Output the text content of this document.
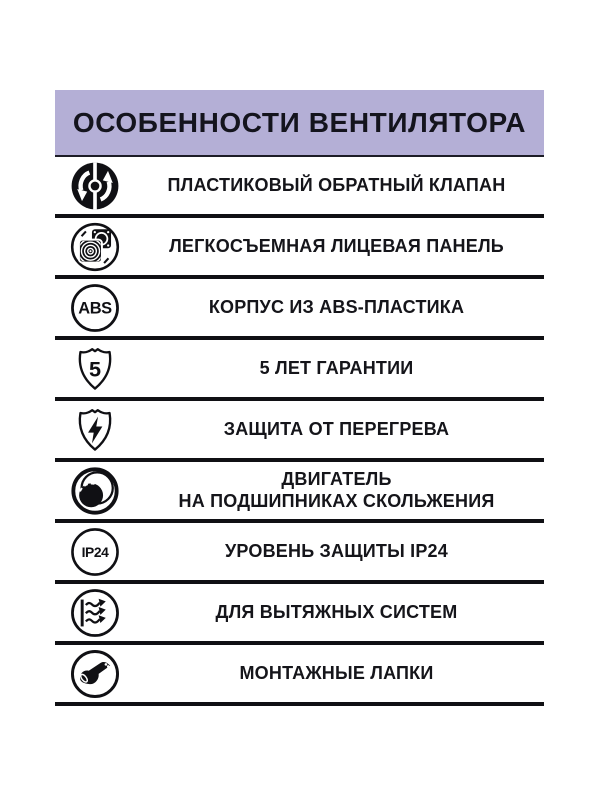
ОСОБЕННОСТИ ВЕНТИЛЯТОРА
ПЛАСТИКОВЫЙ ОБРАТНЫЙ КЛАПАН
ЛЕГКОСЪЕМНАЯ ЛИЦЕВАЯ ПАНЕЛЬ
ABS	КОРПУС ИЗ ABS-ПЛАСТИКА
5	5 ЛЕТ ГАРАНТИИ
ЗАЩИТА ОТ ПЕРЕГРЕВА
ДВИГАТЕЛЬ
НА ПОДШИПНИКАХ СКОЛЬЖЕНИЯ
IP24	УРОВЕНЬ ЗАЩИТЫ IP24
ДЛЯ ВЫТЯЖНЫХ СИСТЕМ
МОНТАЖНЫЕ ЛАПКИ
